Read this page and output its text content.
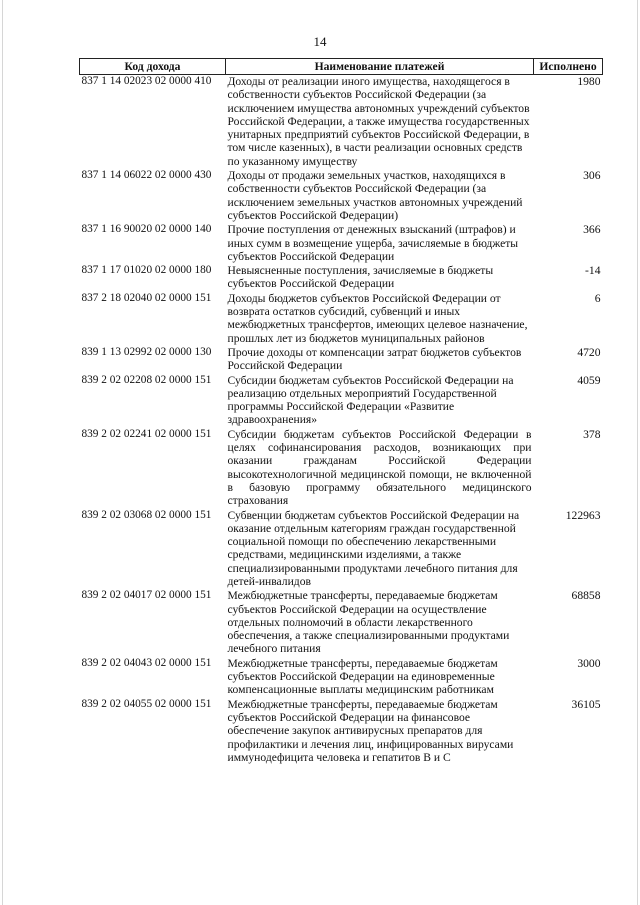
14
Код дохода	Наименование платежей	Исполнено
837 1 14 02023 02 0000 410	Доходы от реализации иного имущества, находящегося в собственности субъектов Российской Федерации (за исключением имущества автономных учреждений субъектов Российской Федерации, а также имущества государственных унитарных предприятий субъектов Российской Федерации, в том числе казенных), в части реализации основных средств по указанному имуществу	1980
837 1 14 06022 02 0000 430	Доходы от продажи земельных участков, находящихся в собственности субъектов Российской Федерации (за исключением земельных участков автономных учреждений субъектов Российской Федерации)	306
837 1 16 90020 02 0000 140	Прочие поступления от денежных взысканий (штрафов) и иных сумм в возмещение ущерба, зачисляемые в бюджеты субъектов Российской Федерации	366
837 1 17 01020 02 0000 180	Невыясненные поступления, зачисляемые в бюджеты субъектов Российской Федерации	-14
837 2 18 02040 02 0000 151	Доходы бюджетов субъектов Российской Федерации от возврата остатков субсидий, субвенций и иных межбюджетных трансфертов, имеющих целевое назначение, прошлых лет из бюджетов муниципальных районов	6
839 1 13 02992 02 0000 130	Прочие доходы от компенсации затрат бюджетов субъектов Российской Федерации	4720
839 2 02 02208 02 0000 151	Субсидии бюджетам субъектов Российской Федерации на реализацию отдельных мероприятий Государственной программы Российской Федерации «Развитие здравоохранения»	4059
839 2 02 02241 02 0000 151	Субсидии бюджетам субъектов Российской Федерации в целях софинансирования расходов, возникающих при оказании гражданам Российской Федерации высокотехнологичной медицинской помощи, не включенной в базовую программу обязательного медицинского страхования	378
839 2 02 03068 02 0000 151	Субвенции бюджетам субъектов Российской Федерации на оказание отдельным категориям граждан государственной социальной помощи по обеспечению лекарственными средствами, медицинскими изделиями, а также специализированными продуктами лечебного питания для детей-инвалидов	122963
839 2 02 04017 02 0000 151	Межбюджетные трансферты, передаваемые бюджетам субъектов Российской Федерации на осуществление отдельных полномочий в области лекарственного обеспечения, а также специализированными продуктами лечебного питания	68858
839 2 02 04043 02 0000 151	Межбюджетные трансферты, передаваемые бюджетам субъектов Российской Федерации на единовременные компенсационные выплаты медицинским работникам	3000
839 2 02 04055 02 0000 151	Межбюджетные трансферты, передаваемые бюджетам субъектов Российской Федерации на финансовое обеспечение закупок антивирусных препаратов для профилактики и лечения лиц, инфицированных вирусами иммунодефицита человека и гепатитов В и С	36105
